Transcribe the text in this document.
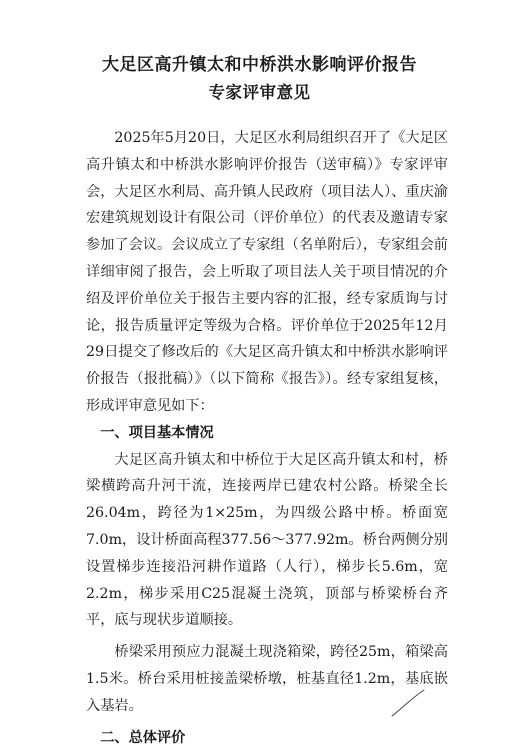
大足区高升镇太和中桥洪水影响评价报告
专家评审意见

2025年5月20日，大足区水利局组织召开了《大足区高升镇太和中桥洪水影响评价报告（送审稿）》专家评审会，大足区水利局、高升镇人民政府（项目法人）、重庆渝宏建筑规划设计有限公司（评价单位）的代表及邀请专家参加了会议。会议成立了专家组（名单附后），专家组会前详细审阅了报告，会上听取了项目法人关于项目情况的介绍及评价单位关于报告主要内容的汇报，经专家质询与讨论，报告质量评定等级为合格。评价单位于2025年12月29日提交了修改后的《大足区高升镇太和中桥洪水影响评价报告（报批稿）》（以下简称《报告》）。经专家组复核，形成评审意见如下：

一、项目基本情况

大足区高升镇太和中桥位于大足区高升镇太和村，桥梁横跨高升河干流，连接两岸已建农村公路。桥梁全长26.04m，跨径为1×25m，为四级公路中桥。桥面宽7.0m，设计桥面高程377.56～377.92m。桥台两侧分别设置梯步连接沿河耕作道路（人行），梯步长5.6m，宽2.2m，梯步采用C25混凝土浇筑，顶部与桥梁桥台齐平，底与现状步道顺接。

桥梁采用预应力混凝土现浇箱梁，跨径25m，箱梁高1.5米。桥台采用桩接盖梁桥墩，桩基直径1.2m，基底嵌入基岩。

二、总体评价
